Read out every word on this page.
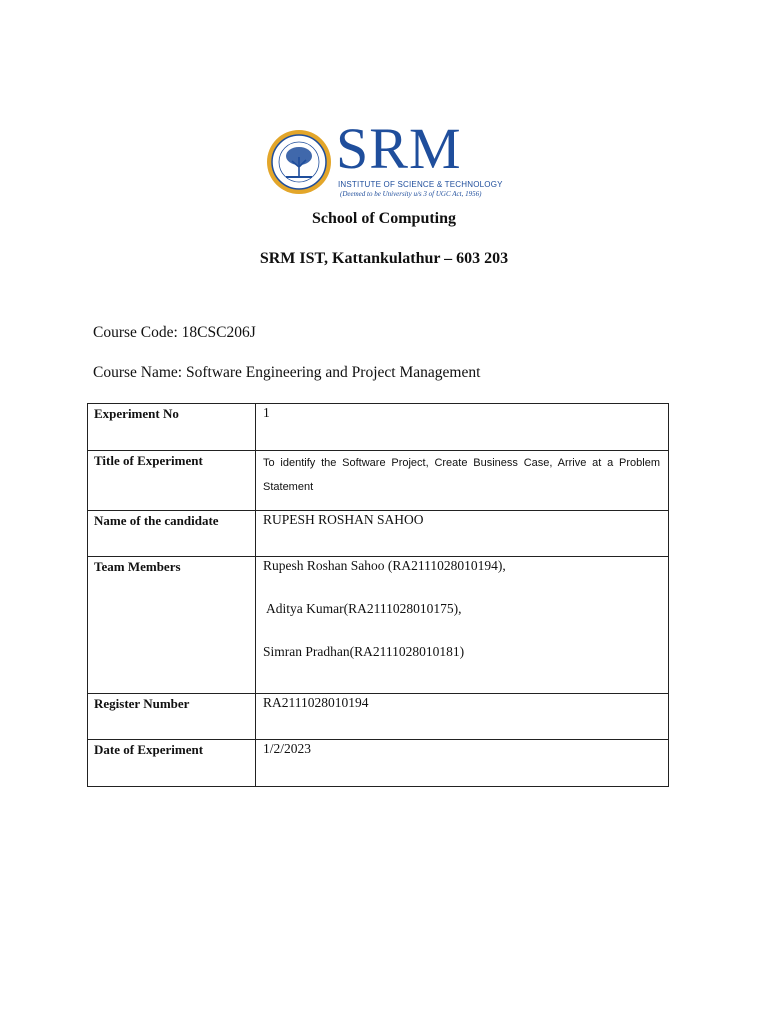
SRM
INSTITUTE OF SCIENCE & TECHNOLOGY
(Deemed to be University u/s 3 of UGC Act, 1956)
School of Computing
SRM IST, Kattankulathur – 603 203
Course Code: 18CSC206J
Course Name: Software Engineering and Project Management
Experiment No	1
Title of Experiment	To identify the Software Project, Create Business Case, Arrive at a Problem Statement

Name of the candidate	RUPESH ROSHAN SAHOO
Team Members	Rupesh Roshan Sahoo (RA2111028010194),
Aditya Kumar(RA2111028010175),
Simran Pradhan(RA2111028010181)

Register Number	RA2111028010194
Date of Experiment	1/2/2023
